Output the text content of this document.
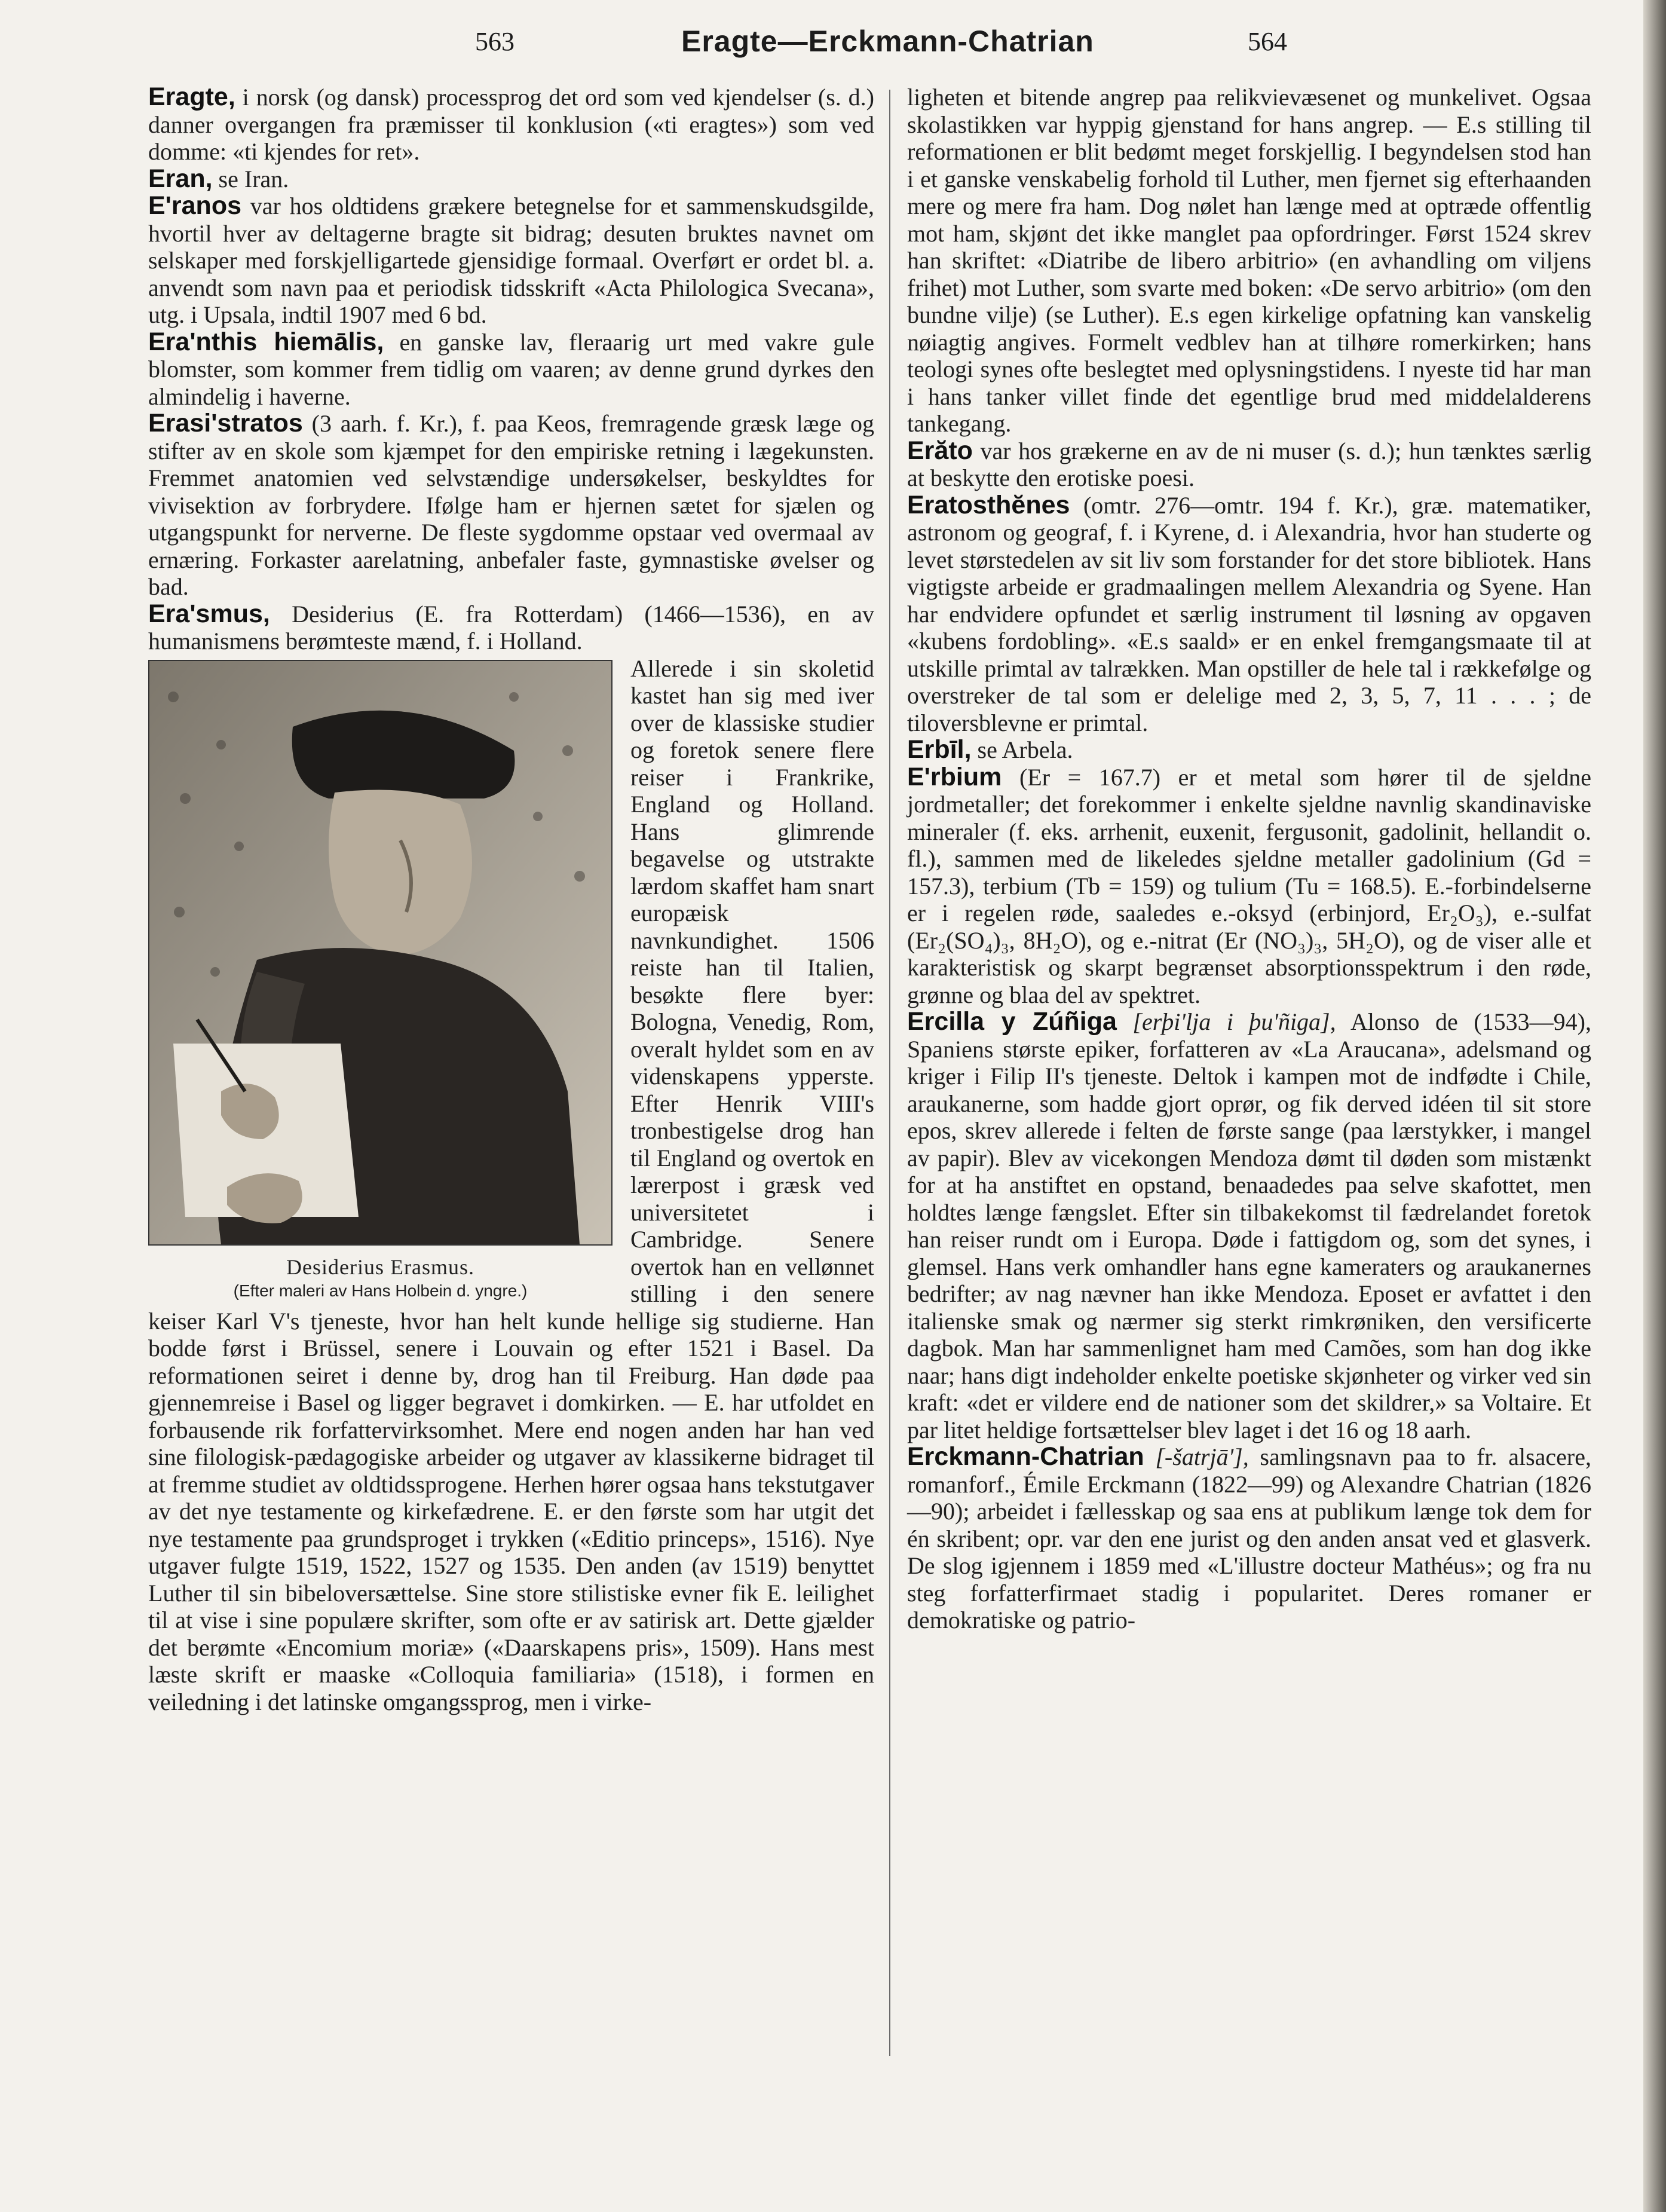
563	Eragte—Erckmann-Chatrian	564

Eragte, i norsk (og dansk) processprog det ord som ved kjendelser (s. d.) danner overgangen fra præmisser til konklusion («ti eragtes») som ved domme: «ti kjendes for ret».

Eran, se Iran.

E'ranos var hos oldtidens grækere betegnelse for et sammenskudsgilde, hvortil hver av deltagerne bragte sit bidrag; desuten bruktes navnet om selskaper med forskjelligartede gjensidige formaal. Overført er ordet bl. a. anvendt som navn paa et periodisk tidsskrift «Acta Philologica Svecana», utg. i Upsala, indtil 1907 med 6 bd.

Era'nthis hiemālis, en ganske lav, fleraarig urt med vakre gule blomster, som kommer frem tidlig om vaaren; av denne grund dyrkes den almindelig i haverne.

Erasi'stratos (3 aarh. f. Kr.), f. paa Keos, fremragende græsk læge og stifter av en skole som kjæmpet for den empiriske retning i lægekunsten. Fremmet anatomien ved selvstændige undersøkelser, beskyldtes for vivisektion av forbrydere. Ifølge ham er hjernen sætet for sjælen og utgangspunkt for nerverne. De fleste sygdomme opstaar ved overmaal av ernæring. Forkaster aarelatning, anbefaler faste, gymnastiske øvelser og bad.

Era'smus, Desiderius (E. fra Rotterdam) (1466—1536), en av humanismens berømteste mænd, f. i Holland.

Desiderius Erasmus.
(Efter maleri av Hans Holbein d. yngre.)

Allerede i sin skoletid kastet han sig med iver over de klassiske studier og foretok senere flere reiser i Frankrike, England og Holland. Hans glimrende begavelse og utstrakte lærdom skaffet ham snart europæisk navnkundighet. 1506 reiste han til Italien, besøkte flere byer: Bologna, Venedig, Rom, overalt hyldet som en av videnskapens ypperste. Efter Henrik VIII's tronbestigelse drog han til England og overtok en lærerpost i græsk ved universitetet i Cambridge. Senere overtok han en vellønnet stilling i den senere keiser Karl V's tjeneste, hvor han helt kunde hellige sig studierne. Han bodde først i Brüssel, senere i Louvain og efter 1521 i Basel. Da reformationen seiret i denne by, drog han til Freiburg. Han døde paa gjennemreise i Basel og ligger begravet i domkirken. — E. har utfoldet en forbausende rik forfattervirksomhet. Mere end nogen anden har han ved sine filologisk-pædagogiske arbeider og utgaver av klassikerne bidraget til at fremme studiet av oldtidssprogene. Herhen hører ogsaa hans tekstutgaver av det nye testamente og kirkefædrene. E. er den første som har utgit det nye testamente paa grundsproget i trykken («Editio princeps», 1516). Nye utgaver fulgte 1519, 1522, 1527 og 1535. Den anden (av 1519) benyttet Luther til sin bibeloversættelse. Sine store stilistiske evner fik E. leilighet til at vise i sine populære skrifter, som ofte er av satirisk art. Dette gjælder det berømte «Encomium moriæ» («Daarskapens pris», 1509). Hans mest læste skrift er maaske «Colloquia familiaria» (1518), i formen en veiledning i det latinske omgangssprog, men i virke-

ligheten et bitende angrep paa relikvievæsenet og munkelivet. Ogsaa skolastikken var hyppig gjenstand for hans angrep. — E.s stilling til reformationen er blit bedømt meget forskjellig. I begyndelsen stod han i et ganske venskabelig forhold til Luther, men fjernet sig efterhaanden mere og mere fra ham. Dog nølet han længe med at optræde offentlig mot ham, skjønt det ikke manglet paa opfordringer. Først 1524 skrev han skriftet: «Diatribe de libero arbitrio» (en avhandling om viljens frihet) mot Luther, som svarte med boken: «De servo arbitrio» (om den bundne vilje) (se Luther). E.s egen kirkelige opfatning kan vanskelig nøiagtig angives. Formelt vedblev han at tilhøre romerkirken; hans teologi synes ofte beslegtet med oplysningstidens. I nyeste tid har man i hans tanker villet finde det egentlige brud med middelalderens tankegang.

Erăto var hos grækerne en av de ni muser (s. d.); hun tænktes særlig at beskytte den erotiske poesi.

Eratosthĕnes (omtr. 276—omtr. 194 f. Kr.), græ. matematiker, astronom og geograf, f. i Kyrene, d. i Alexandria, hvor han studerte og levet størstedelen av sit liv som forstander for det store bibliotek. Hans vigtigste arbeide er gradmaalingen mellem Alexandria og Syene. Han har endvidere opfundet et særlig instrument til løsning av opgaven «kubens fordobling». «E.s saald» er en enkel fremgangsmaate til at utskille primtal av talrækken. Man opstiller de hele tal i rækkefølge og overstreker de tal som er delelige med 2, 3, 5, 7, 11 . . . ; de tiloversblevne er primtal.

Erbīl, se Arbela.

E'rbium (Er = 167.7) er et metal som hører til de sjeldne jordmetaller; det forekommer i enkelte sjeldne navnlig skandinaviske mineraler (f. eks. arrhenit, euxenit, fergusonit, gadolinit, hellandit o. fl.), sammen med de likeledes sjeldne metaller gadolinium (Gd = 157.3), terbium (Tb = 159) og tulium (Tu = 168.5). E.-forbindelserne er i regelen røde, saaledes e.-oksyd (erbinjord, Er₂O₃), e.-sulfat (Er₂(SO₄)₃, 8H₂O), og e.-nitrat (Er (NO₃)₃, 5H₂O), og de viser alle et karakteristisk og skarpt begrænset absorptionsspektrum i den røde, grønne og blaa del av spektret.

Ercilla y Zúñiga [erþi'lja i þu'ñiga], Alonso de (1533—94), Spaniens største epiker, forfatteren av «La Araucana», adelsmand og kriger i Filip II's tjeneste. Deltok i kampen mot de indfødte i Chile, araukanerne, som hadde gjort oprør, og fik derved idéen til sit store epos, skrev allerede i felten de første sange (paa lærstykker, i mangel av papir). Blev av vicekongen Mendoza dømt til døden som mistænkt for at ha anstiftet en opstand, benaadedes paa selve skafottet, men holdtes længe fængslet. Efter sin tilbakekomst til fædrelandet foretok han reiser rundt om i Europa. Døde i fattigdom og, som det synes, i glemsel. Hans verk omhandler hans egne kameraters og araukanernes bedrifter; av nag nævner han ikke Mendoza. Eposet er avfattet i den italienske smak og nærmer sig sterkt rimkrøniken, den versificerte dagbok. Man har sammenlignet ham med Camões, som han dog ikke naar; hans digt indeholder enkelte poetiske skjønheter og virker ved sin kraft: «det er vildere end de nationer som det skildrer,» sa Voltaire. Et par litet heldige fortsættelser blev laget i det 16 og 18 aarh.

Erckmann-Chatrian [-šatrjā'], samlingsnavn paa to fr. alsacere, romanforf., Émile Erckmann (1822—99) og Alexandre Chatrian (1826—90); arbeidet i fællesskap og saa ens at publikum længe tok dem for én skribent; opr. var den ene jurist og den anden ansat ved et glasverk. De slog igjennem i 1859 med «L'illustre docteur Mathéus»; og fra nu steg forfatterfirmaet stadig i popularitet. Deres romaner er demokratiske og patrio-
